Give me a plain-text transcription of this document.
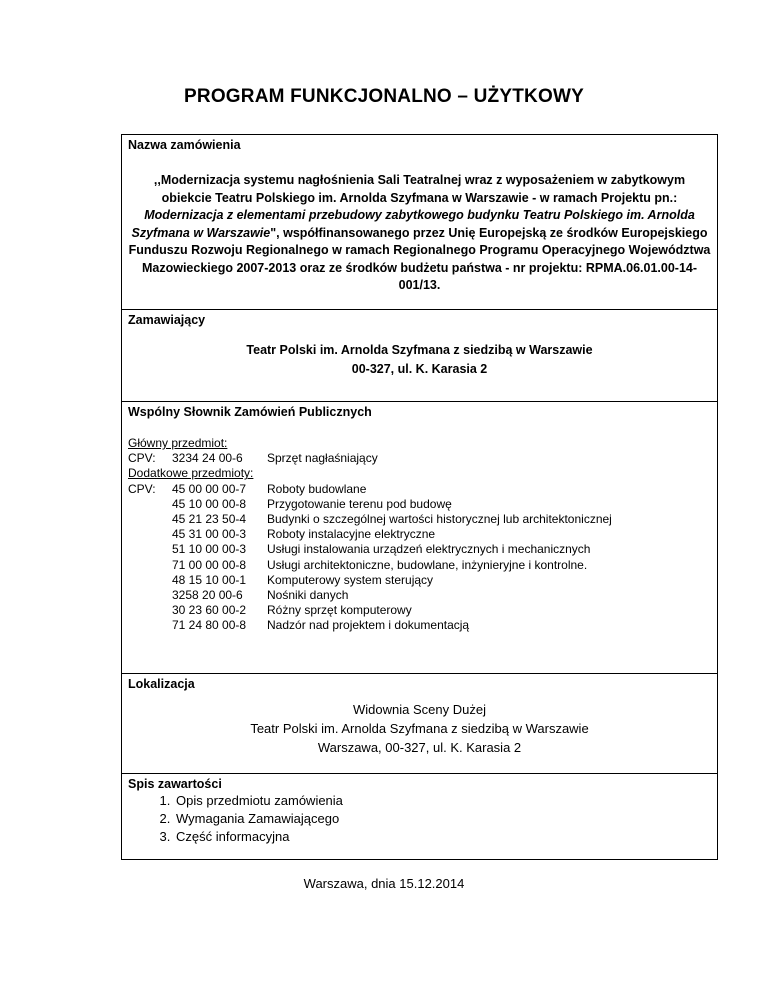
PROGRAM FUNKCJONALNO – UŻYTKOWY
Nazwa zamówienia
,,Modernizacja systemu nagłośnienia Sali Teatralnej wraz z wyposażeniem w zabytkowym obiekcie Teatru Polskiego im. Arnolda Szyfmana w Warszawie - w ramach Projektu pn.: Modernizacja z elementami przebudowy zabytkowego budynku Teatru Polskiego im. Arnolda Szyfmana w Warszawie", współfinansowanego przez Unię Europejską ze środków Europejskiego Funduszu Rozwoju Regionalnego w ramach Regionalnego Programu Operacyjnego Województwa Mazowieckiego 2007-2013 oraz ze środków budżetu państwa - nr projektu: RPMA.06.01.00-14-001/13.
Zamawiający
Teatr Polski im. Arnolda Szyfmana z siedzibą w Warszawie
00-327, ul. K. Karasia 2
Wspólny Słownik Zamówień Publicznych
Główny przedmiot:
CPV:	3234 24 00-6	Sprzęt nagłaśniający
Dodatkowe przedmioty:
CPV:	45 00 00 00-7	Roboty budowlane
45 10 00 00-8	Przygotowanie terenu pod budowę
45 21 23 50-4	Budynki o szczególnej wartości historycznej lub architektonicznej
45 31 00 00-3	Roboty instalacyjne elektryczne
51 10 00 00-3	Usługi instalowania urządzeń elektrycznych i mechanicznych
71 00 00 00-8	Usługi architektoniczne, budowlane, inżynieryjne i kontrolne.
48 15 10 00-1	Komputerowy system sterujący
3258 20 00-6	Nośniki danych
30 23 60 00-2	Różny sprzęt komputerowy
71 24 80 00-8	Nadzór nad projektem i dokumentacją
Lokalizacja
Widownia Sceny Dużej
Teatr Polski im. Arnolda Szyfmana z siedzibą w Warszawie
Warszawa, 00-327, ul. K. Karasia 2
Spis zawartości
1. Opis przedmiotu zamówienia
2. Wymagania Zamawiającego
3. Część informacyjna
Warszawa, dnia 15.12.2014
